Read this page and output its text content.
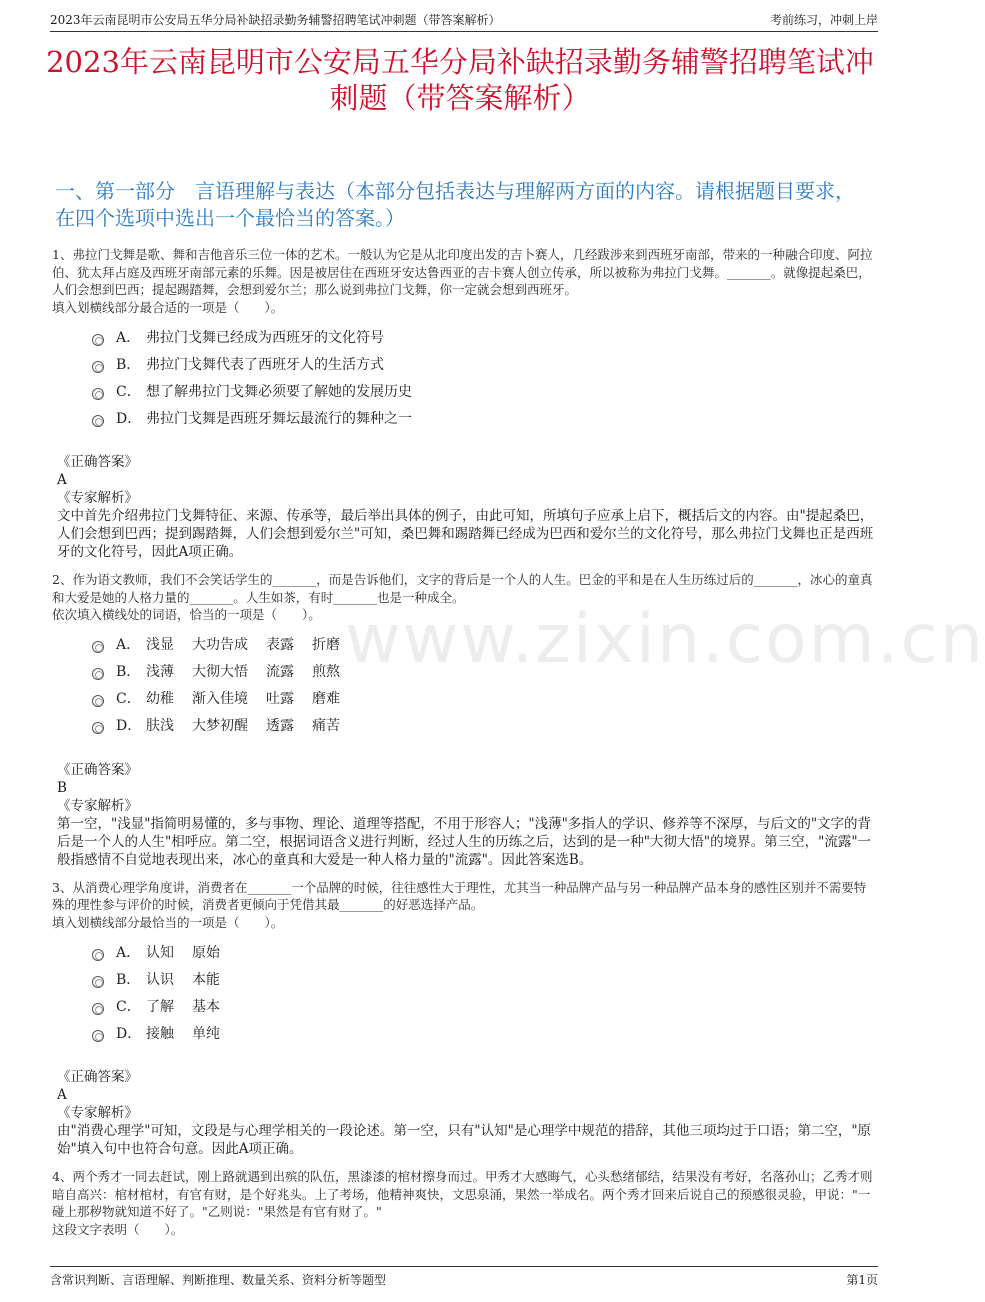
2023年云南昆明市公安局五华分局补缺招录勤务辅警招聘笔试冲刺题（带答案解析）	考前练习，冲刺上岸
2023年云南昆明市公安局五华分局补缺招录勤务辅警招聘笔试冲刺题（带答案解析）
一、第一部分　言语理解与表达（本部分包括表达与理解两方面的内容。请根据题目要求，在四个选项中选出一个最恰当的答案。）
www.zixin.com.cn

1、弗拉门戈舞是歌、舞和吉他音乐三位一体的艺术。一般认为它是从北印度出发的吉卜赛人，几经跋涉来到西班牙南部，带来的一种融合印度、阿拉伯、犹太拜占庭及西班牙南部元素的乐舞。因是被居住在西班牙安达鲁西亚的吉卡赛人创立传承，所以被称为弗拉门戈舞。_______。就像提起桑巴，人们会想到巴西；提起踢踏舞，会想到爱尔兰；那么说到弗拉门戈舞，你一定就会想到西班牙。

填入划横线部分最合适的一项是（　　）。

A． 弗拉门戈舞已经成为西班牙的文化符号
B． 弗拉门戈舞代表了西班牙人的生活方式
C． 想了解弗拉门戈舞必须要了解她的发展历史
D． 弗拉门戈舞是西班牙舞坛最流行的舞种之一

《正确答案》

A

《专家解析》

文中首先介绍弗拉门戈舞特征、来源、传承等，最后举出具体的例子，由此可知，所填句子应承上启下，概括后文的内容。由"提起桑巴，人们会想到巴西；提到踢踏舞，人们会想到爱尔兰"可知，桑巴舞和踢踏舞已经成为巴西和爱尔兰的文化符号，那么弗拉门戈舞也正是西班牙的文化符号，因此A项正确。

2、作为语文教师，我们不会笑话学生的_______，而是告诉他们，文字的背后是一个人的人生。巴金的平和是在人生历练过后的_______，冰心的童真和大爱是她的人格力量的_______。人生如茶，有时_______也是一种成全。

依次填入横线处的词语，恰当的一项是（　　）。

A． 浅显 大功告成 表露 折磨
B． 浅薄 大彻大悟 流露 煎熬
C． 幼稚 渐入佳境 吐露 磨难
D． 肤浅 大梦初醒 透露 痛苦

《正确答案》

B

《专家解析》

第一空，"浅显"指简明易懂的，多与事物、理论、道理等搭配，不用于形容人；"浅薄"多指人的学识、修养等不深厚，与后文的"文字的背后是一个人的人生"相呼应。第二空，根据词语含义进行判断，经过人生的历练之后，达到的是一种"大彻大悟"的境界。第三空，"流露"一般指感情不自觉地表现出来，冰心的童真和大爱是一种人格力量的"流露"。因此答案选B。

3、从消费心理学角度讲，消费者在_______一个品牌的时候，往往感性大于理性，尤其当一种品牌产品与另一种品牌产品本身的感性区别并不需要特殊的理性参与评价的时候，消费者更倾向于凭借其最_______的好恶选择产品。

填入划横线部分最恰当的一项是（　　）。

A． 认知 原始
B． 认识 本能
C． 了解 基本
D． 接触 单纯

《正确答案》

A

《专家解析》

由"消费心理学"可知，文段是与心理学相关的一段论述。第一空，只有"认知"是心理学中规范的措辞，其他三项均过于口语；第二空，"原始"填入句中也符合句意。因此A项正确。

4、两个秀才一同去赶试，刚上路就遇到出殡的队伍，黑漆漆的棺材擦身而过。甲秀才大感晦气，心头愁绪郁结，结果没有考好，名落孙山；乙秀才则暗自高兴：棺材棺材，有官有财，是个好兆头。上了考场，他精神爽快，文思泉涌，果然一举成名。两个秀才回来后说自己的预感很灵验，甲说："一碰上那秽物就知道不好了。"乙则说："果然是有官有财了。"

这段文字表明（　　）。

含常识判断、言语理解、判断推理、数量关系、资料分析等题型	第1页
